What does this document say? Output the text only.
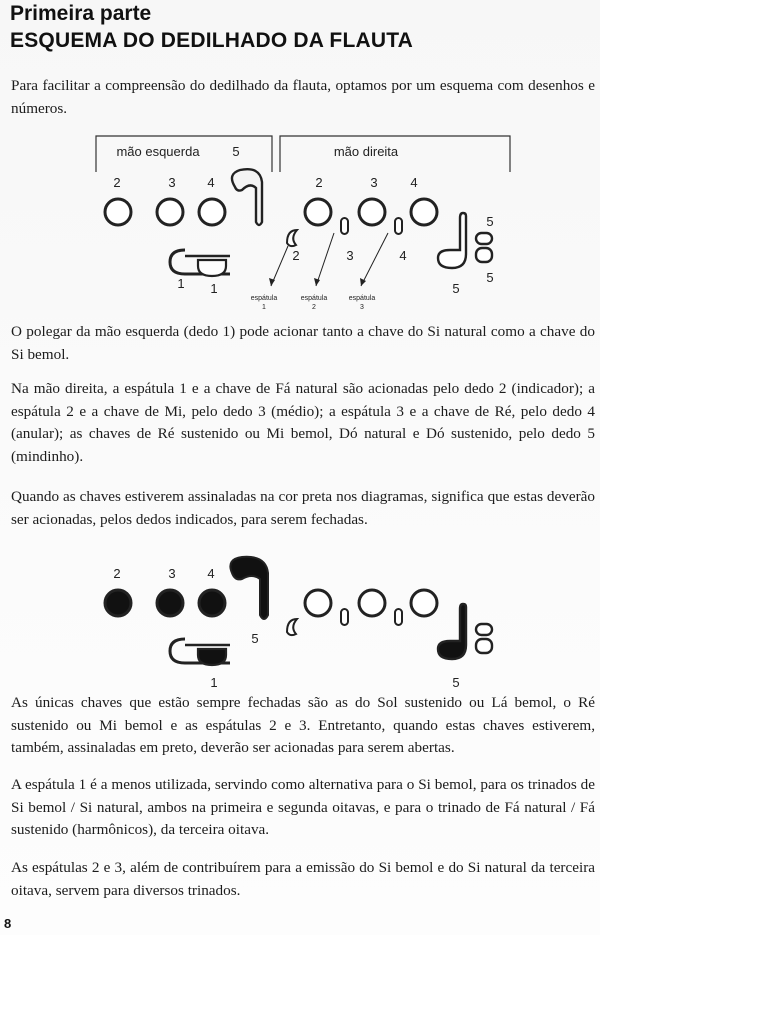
Primeira parte
ESQUEMA DO DEDILHADO DA FLAUTA

Para facilitar a compreensão do dedilhado da flauta, optamos por um esquema com desenhos e números.

mão esquerda	5	mão direita
2	3 4	2	3	4
1 1
5
5
5
2	3	4
espátula
1
espátula
2
espátula
3

O polegar da mão esquerda (dedo 1) pode acionar tanto a chave do Si natural como a chave do Si bemol.

Na mão direita, a espátula 1 e a chave de Fá natural são acionadas pelo dedo 2 (indicador); a espátula 2 e a chave de Mi, pelo dedo 3 (médio); a espátula 3 e a chave de Ré, pelo dedo 4 (anular); as chaves de Ré sustenido ou Mi bemol, Dó natural e Dó sustenido, pelo dedo 5 (mindinho).

Quando as chaves estiverem assinaladas na cor preta nos diagramas, significa que estas deverão ser acionadas, pelos dedos indicados, para serem fechadas.

2	3 4
5
1	5

As únicas chaves que estão sempre fechadas são as do Sol sustenido ou Lá bemol, o Ré sustenido ou Mi bemol e as espátulas 2 e 3. Entretanto, quando estas chaves estiverem, também, assinaladas em preto, deverão ser acionadas para serem abertas.

A espátula 1 é a menos utilizada, servindo como alternativa para o Si bemol, para os trinados de Si bemol / Si natural, ambos na primeira e segunda oitavas, e para o trinado de Fá natural / Fá sustenido (harmônicos), da terceira oitava.

As espátulas 2 e 3, além de contribuírem para a emissão do Si bemol e do Si natural da terceira oitava, servem para diversos trinados.

8
